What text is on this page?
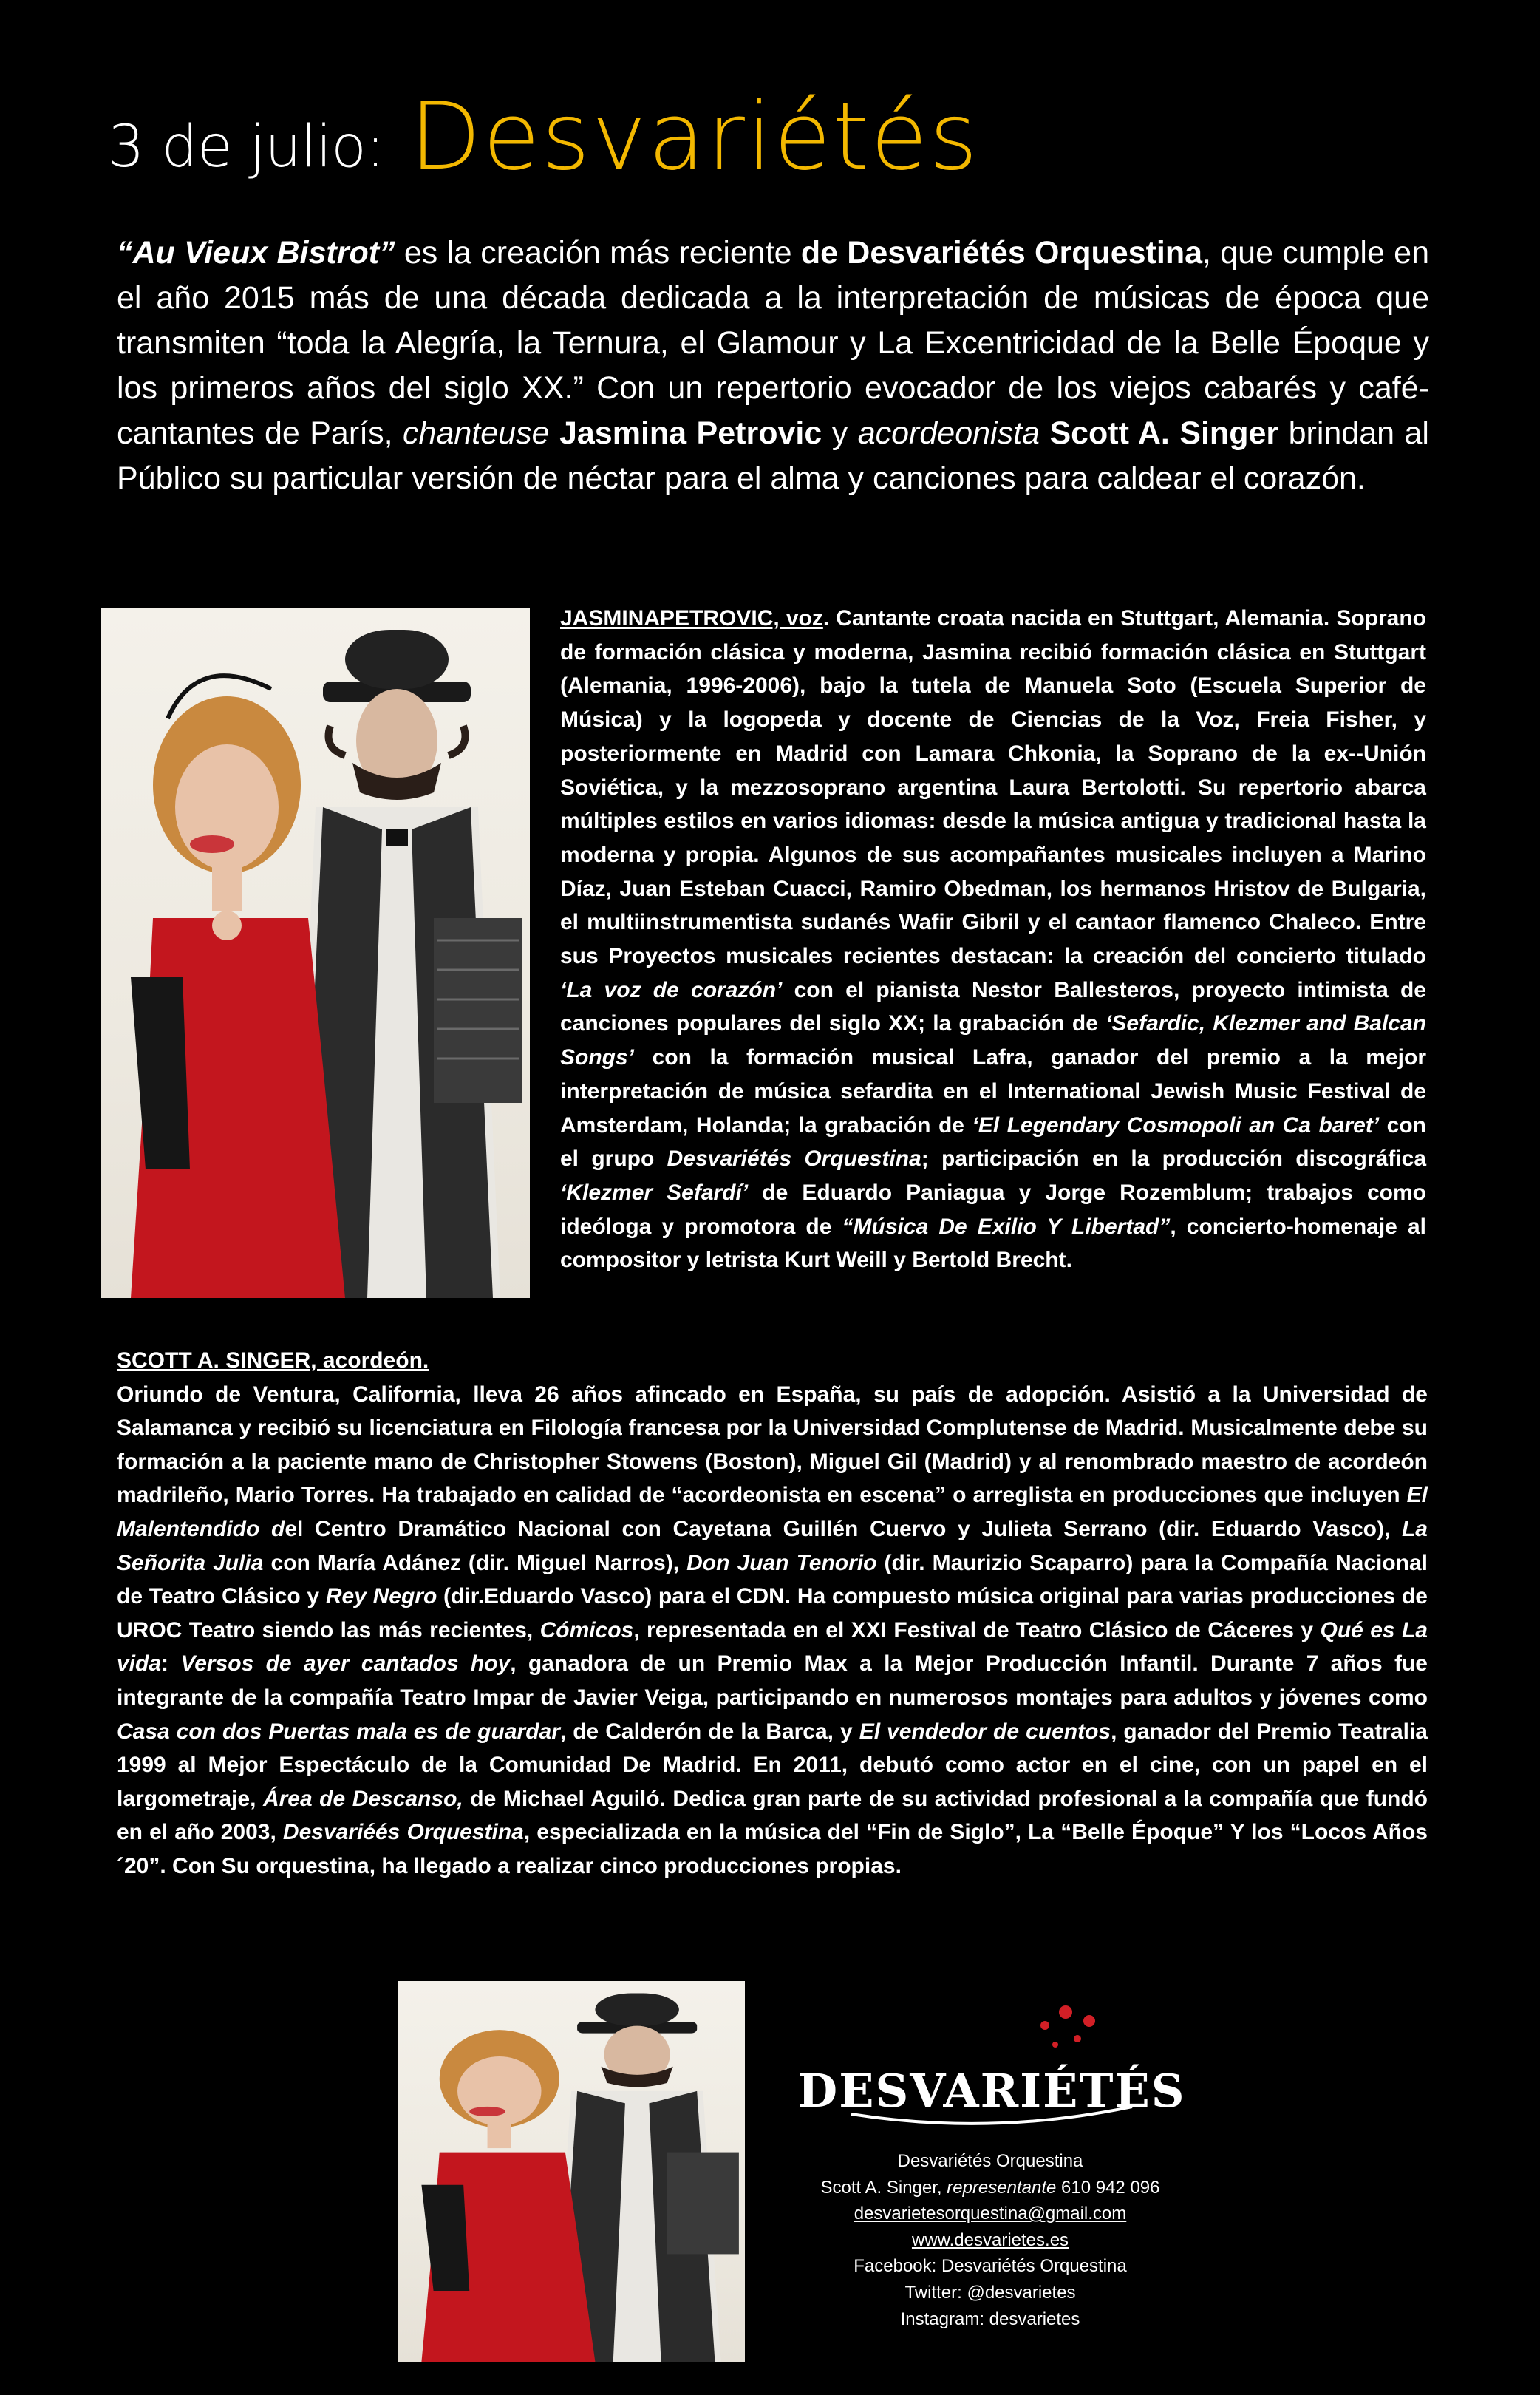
3 de julio: Desvariétés
“Au Vieux Bistrot” es la creación más reciente de Desvariétés Orquestina, que cumple en el año 2015 más de una década dedicada a la interpretación de músicas de época que transmiten “toda la Alegría, la Ternura, el Glamour y La Excentricidad de la Belle Époque y los primeros años del siglo XX.” Con un repertorio evocador de los viejos cabarés y café-cantantes de París, chanteuse Jasmina Petrovic y acordeonista Scott A. Singer brindan al Público su particular versión de néctar para el alma y canciones para caldear el corazón.
JASMINAPETROVIC, voz. Cantante croata nacida en Stuttgart, Alemania. Soprano de formación clásica y moderna, Jasmina recibió formación clásica en Stuttgart (Alemania, 1996-2006), bajo la tutela de Manuela Soto (Escuela Superior de Música) y la logopeda y docente de Ciencias de la Voz, Freia Fisher, y posteriormente en Madrid con Lamara Chkonia, la Soprano de la ex--Unión Soviética, y la mezzosoprano argentina Laura Bertolotti. Su repertorio abarca múltiples estilos en varios idiomas: desde la música antigua y tradicional hasta la moderna y propia. Algunos de sus acompañantes musicales incluyen a Marino Díaz, Juan Esteban Cuacci, Ramiro Obedman, los hermanos Hristov de Bulgaria, el multiinstrumentista sudanés Wafir Gibril y el cantaor flamenco Chaleco. Entre sus Proyectos musicales recientes destacan: la creación del concierto titulado ‘La voz de corazón’ con el pianista Nestor Ballesteros, proyecto intimista de canciones populares del siglo XX; la grabación de ‘Sefardic, Klezmer and Balcan Songs’ con la formación musical Lafra, ganador del premio a la mejor interpretación de música sefardita en el International Jewish Music Festival de Amsterdam, Holanda; la grabación de ‘El Legendary Cosmopoli an Ca baret’ con el grupo Desvariétés Orquestina; participación en la producción discográfica ‘Klezmer Sefardí’ de Eduardo Paniagua y Jorge Rozemblum; trabajos como ideóloga y promotora de “Música De Exilio Y Libertad”, concierto-homenaje al compositor y letrista Kurt Weill y Bertold Brecht.
SCOTT A. SINGER, acordeón.
Oriundo de Ventura, California, lleva 26 años afincado en España, su país de adopción. Asistió a la Universidad de Salamanca y recibió su licenciatura en Filología francesa por la Universidad Complutense de Madrid. Musicalmente debe su formación a la paciente mano de Christopher Stowens (Boston), Miguel Gil (Madrid) y al renombrado maestro de acordeón madrileño, Mario Torres. Ha trabajado en calidad de “acordeonista en escena” o arreglista en producciones que incluyen El Malentendido del Centro Dramático Nacional con Cayetana Guillén Cuervo y Julieta Serrano (dir. Eduardo Vasco), La Señorita Julia con María Adánez (dir. Miguel Narros), Don Juan Tenorio (dir. Maurizio Scaparro) para la Compañía Nacional de Teatro Clásico y Rey Negro (dir.Eduardo Vasco) para el CDN. Ha compuesto música original para varias producciones de UROC Teatro siendo las más recientes, Cómicos, representada en el XXI Festival de Teatro Clásico de Cáceres y Qué es La vida: Versos de ayer cantados hoy, ganadora de un Premio Max a la Mejor Producción Infantil. Durante 7 años fue integrante de la compañía Teatro Impar de Javier Veiga, participando en numerosos montajes para adultos y jóvenes como Casa con dos Puertas mala es de guardar, de Calderón de la Barca, y El vendedor de cuentos, ganador del Premio Teatralia 1999 al Mejor Espectáculo de la Comunidad De Madrid. En 2011, debutó como actor en el cine, con un papel en el largometraje, Área de Descanso, de Michael Aguiló. Dedica gran parte de su actividad profesional a la compañía que fundó en el año 2003, Desvariéés Orquestina, especializada en la música del “Fin de Siglo”, La “Belle Époque” Y los “Locos Años ´20”. Con Su orquestina, ha llegado a realizar cinco producciones propias.
DESVARIÉTÉS
Desvariétés Orquestina
Scott A. Singer, representante 610 942 096
desvarietesorquestina@gmail.com
www.desvarietes.es
Facebook: Desvariétés Orquestina
Twitter: @desvarietes
Instagram: desvarietes
